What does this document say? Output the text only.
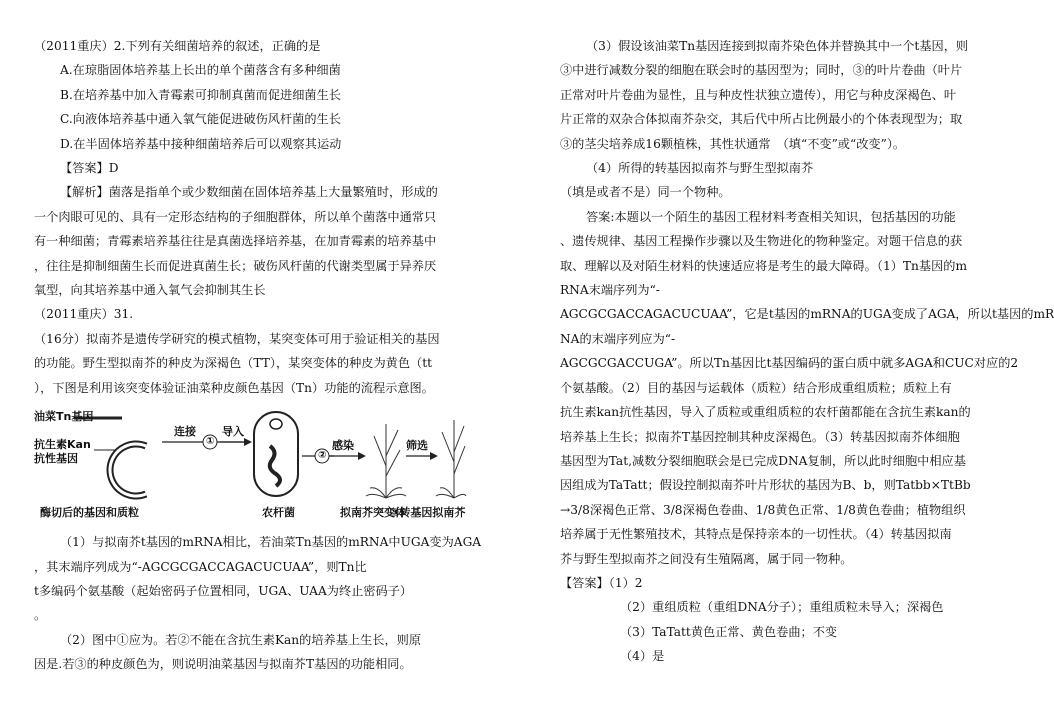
（2011重庆）2.下列有关细菌培养的叙述，正确的是

A.在琼脂固体培养基上长出的单个菌落含有多种细菌

B.在培养基中加入青霉素可抑制真菌而促进细菌生长

C.向液体培养基中通入氧气能促进破伤风杆菌的生长

D.在半固体培养基中接种细菌培养后可以观察其运动

【答案】D

【解析】菌落是指单个或少数细菌在固体培养基上大量繁殖时，形成的

一个肉眼可见的、具有一定形态结构的子细胞群体，所以单个菌落中通常只

有一种细菌；青霉素培养基往往是真菌选择培养基，在加青霉素的培养基中

，往往是抑制细菌生长而促进真菌生长；破伤风杆菌的代谢类型属于异养厌

氧型，向其培养基中通入氧气会抑制其生长

（2011重庆）31.

（16分）拟南芥是遗传学研究的模式植物，某突变体可用于验证相关的基因

的功能。野生型拟南芥的种皮为深褐色（TT），某突变体的种皮为黄色（tt

），下图是利用该突变体验证油菜种皮颜色基因（Tn）功能的流程示意图。

油菜Tn基因
抗生素Kan
抗性基因
酶切后的基因和质粒
连接
①
导入
农杆菌
②
感染	筛选
拟南芥突变体
③转基因拟南芥

（1）与拟南芥t基因的mRNA相比，若油菜Tn基因的mRNA中UGA变为AGA

，其末端序列成为“-AGCGCGACCAGACUCUAA”，则Tn比

t多编码个氨基酸（起始密码子位置相同，UGA、UAA为终止密码子）

。

（2）图中①应为。若②不能在含抗生素Kan的培养基上生长，则原

因是.若③的种皮颜色为，则说明油菜基因与拟南芥T基因的功能相同。

（3）假设该油菜Tn基因连接到拟南芥染色体并替换其中一个t基因，则

③中进行减数分裂的细胞在联会时的基因型为；同时，③的叶片卷曲（叶片

正常对叶片卷曲为显性，且与种皮性状独立遗传），用它与种皮深褐色、叶

片正常的双杂合体拟南芥杂交，其后代中所占比例最小的个体表现型为；取

③的茎尖培养成16颗植株，其性状通常　（填“不变”或“改变”）。

（4）所得的转基因拟南芥与野生型拟南芥

（填是或者不是）同一个物种。

答案:本题以一个陌生的基因工程材料考查相关知识，包括基因的功能

、遗传规律、基因工程操作步骤以及生物进化的物种鉴定。对题干信息的获

取、理解以及对陌生材料的快速适应将是考生的最大障碍。（1）Tn基因的m

RNA末端序列为“-

AGCGCGACCAGACUCUAA”，它是t基因的mRNA的UGA变成了AGA，所以t基因的mR

NA的末端序列应为“-

AGCGCGACCUGA”。所以Tn基因比t基因编码的蛋白质中就多AGA和CUC对应的2

个氨基酸。（2）目的基因与运载体（质粒）结合形成重组质粒；质粒上有

抗生素kan抗性基因，导入了质粒或重组质粒的农杆菌都能在含抗生素kan的

培养基上生长；拟南芥T基因控制其种皮深褐色。（3）转基因拟南芥体细胞

基因型为Tat,减数分裂细胞联会是已完成DNA复制，所以此时细胞中相应基

因组成为TaTatt；假设控制拟南芥叶片形状的基因为B、b，则Tatbb×TtBb

→3/8深褐色正常、3/8深褐色卷曲、1/8黄色正常、1/8黄色卷曲；植物组织

培养属于无性繁殖技术，其特点是保持亲本的一切性状。（4）转基因拟南

芥与野生型拟南芥之间没有生殖隔离，属于同一物种。

【答案】（1）2

（2）重组质粒（重组DNA分子）；重组质粒未导入；深褐色

（3）TaTatt黄色正常、黄色卷曲；不变

（4）是
